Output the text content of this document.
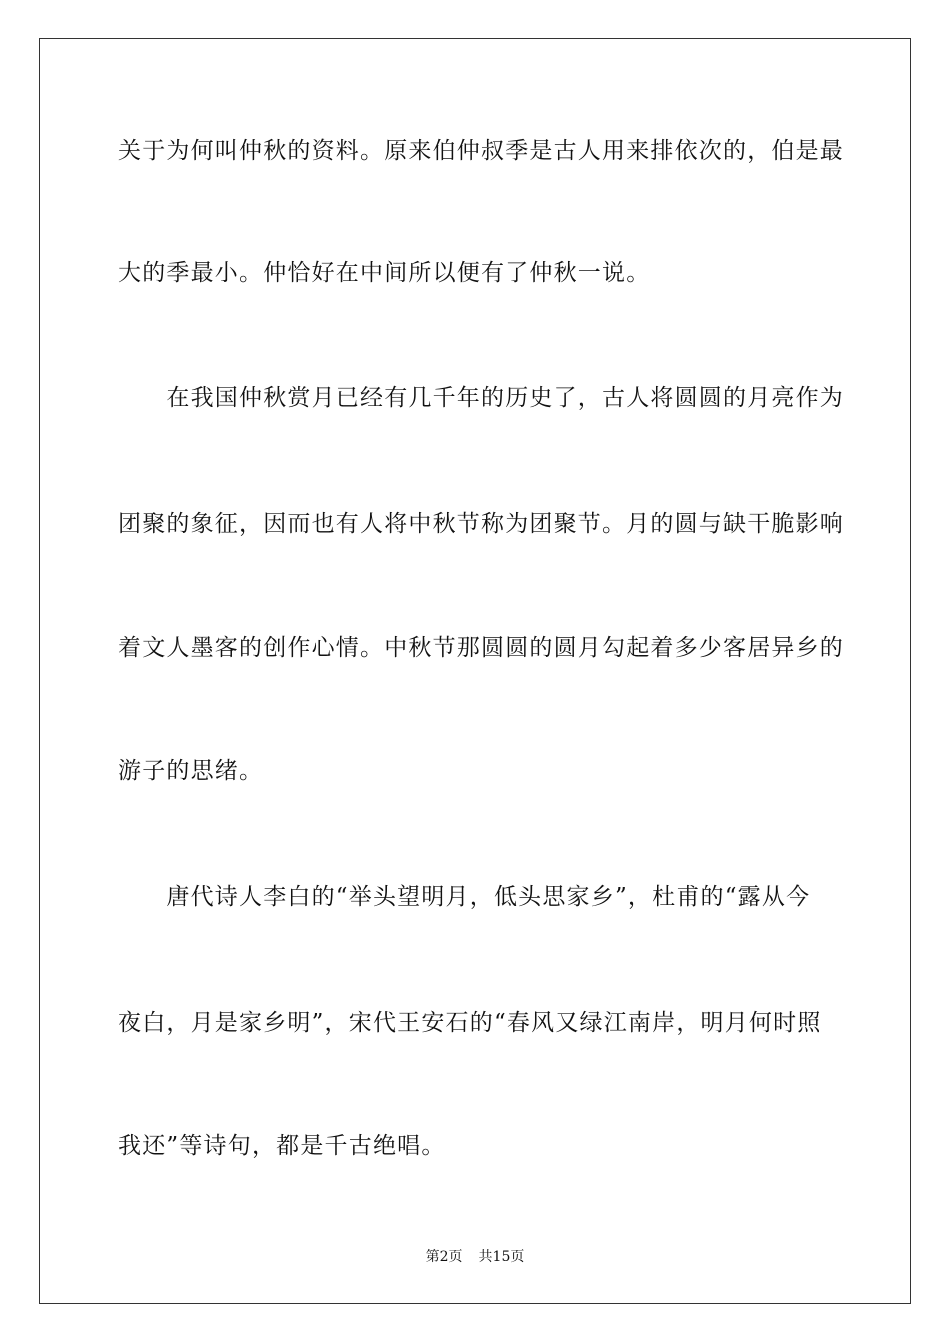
关于为何叫仲秋的资料。原来伯仲叔季是古人用来排依次的，伯是最
大的季最小。仲恰好在中间所以便有了仲秋一说。
　　在我国仲秋赏月已经有几千年的历史了，古人将圆圆的月亮作为
团聚的象征，因而也有人将中秋节称为团聚节。月的圆与缺干脆影响
着文人墨客的创作心情。中秋节那圆圆的圆月勾起着多少客居异乡的
游子的思绪。
　　唐代诗人李白的“举头望明月，低头思家乡”，杜甫的“露从今
夜白，月是家乡明”，宋代王安石的“春风又绿江南岸，明月何时照
我还”等诗句，都是千古绝唱。
第2页 共15页
